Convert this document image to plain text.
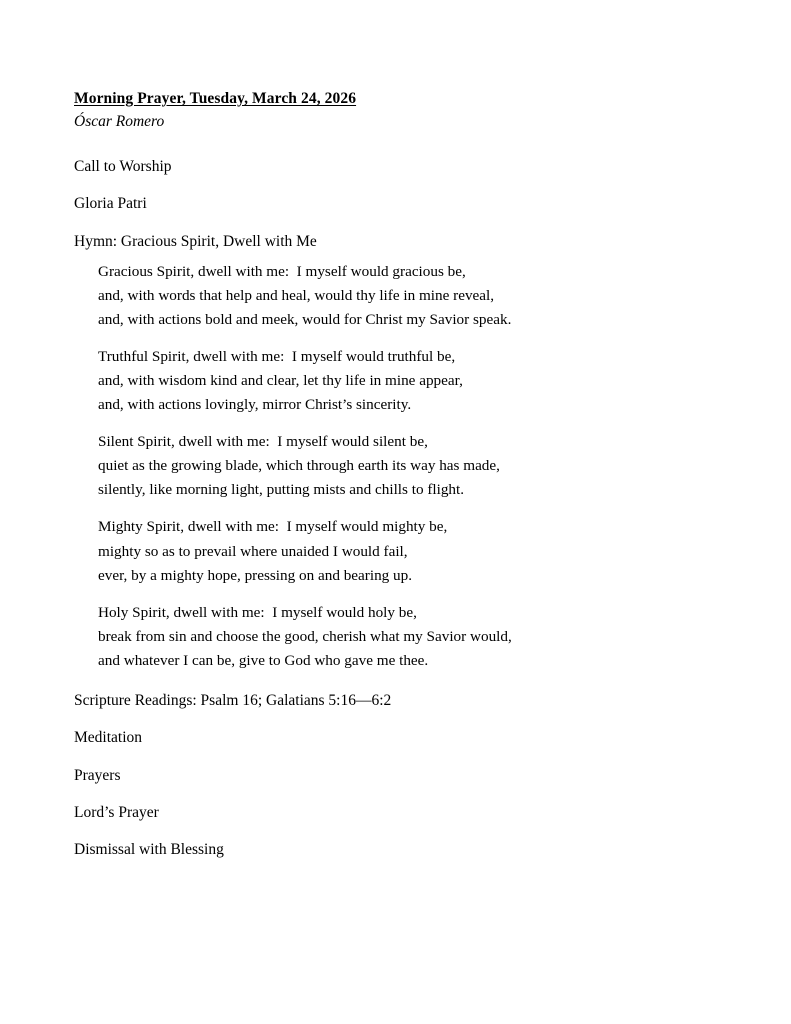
Morning Prayer, Tuesday, March 24, 2026
Óscar Romero
Call to Worship
Gloria Patri
Hymn: Gracious Spirit, Dwell with Me

Gracious Spirit, dwell with me:  I myself would gracious be,
and, with words that help and heal, would thy life in mine reveal,
and, with actions bold and meek, would for Christ my Savior speak.

Truthful Spirit, dwell with me:  I myself would truthful be,
and, with wisdom kind and clear, let thy life in mine appear,
and, with actions lovingly, mirror Christ’s sincerity.

Silent Spirit, dwell with me:  I myself would silent be,
quiet as the growing blade, which through earth its way has made,
silently, like morning light, putting mists and chills to flight.

Mighty Spirit, dwell with me:  I myself would mighty be,
mighty so as to prevail where unaided I would fail,
ever, by a mighty hope, pressing on and bearing up.

Holy Spirit, dwell with me:  I myself would holy be,
break from sin and choose the good, cherish what my Savior would,
and whatever I can be, give to God who gave me thee.

Scripture Readings: Psalm 16; Galatians 5:16—6:2
Meditation
Prayers
Lord’s Prayer
Dismissal with Blessing
